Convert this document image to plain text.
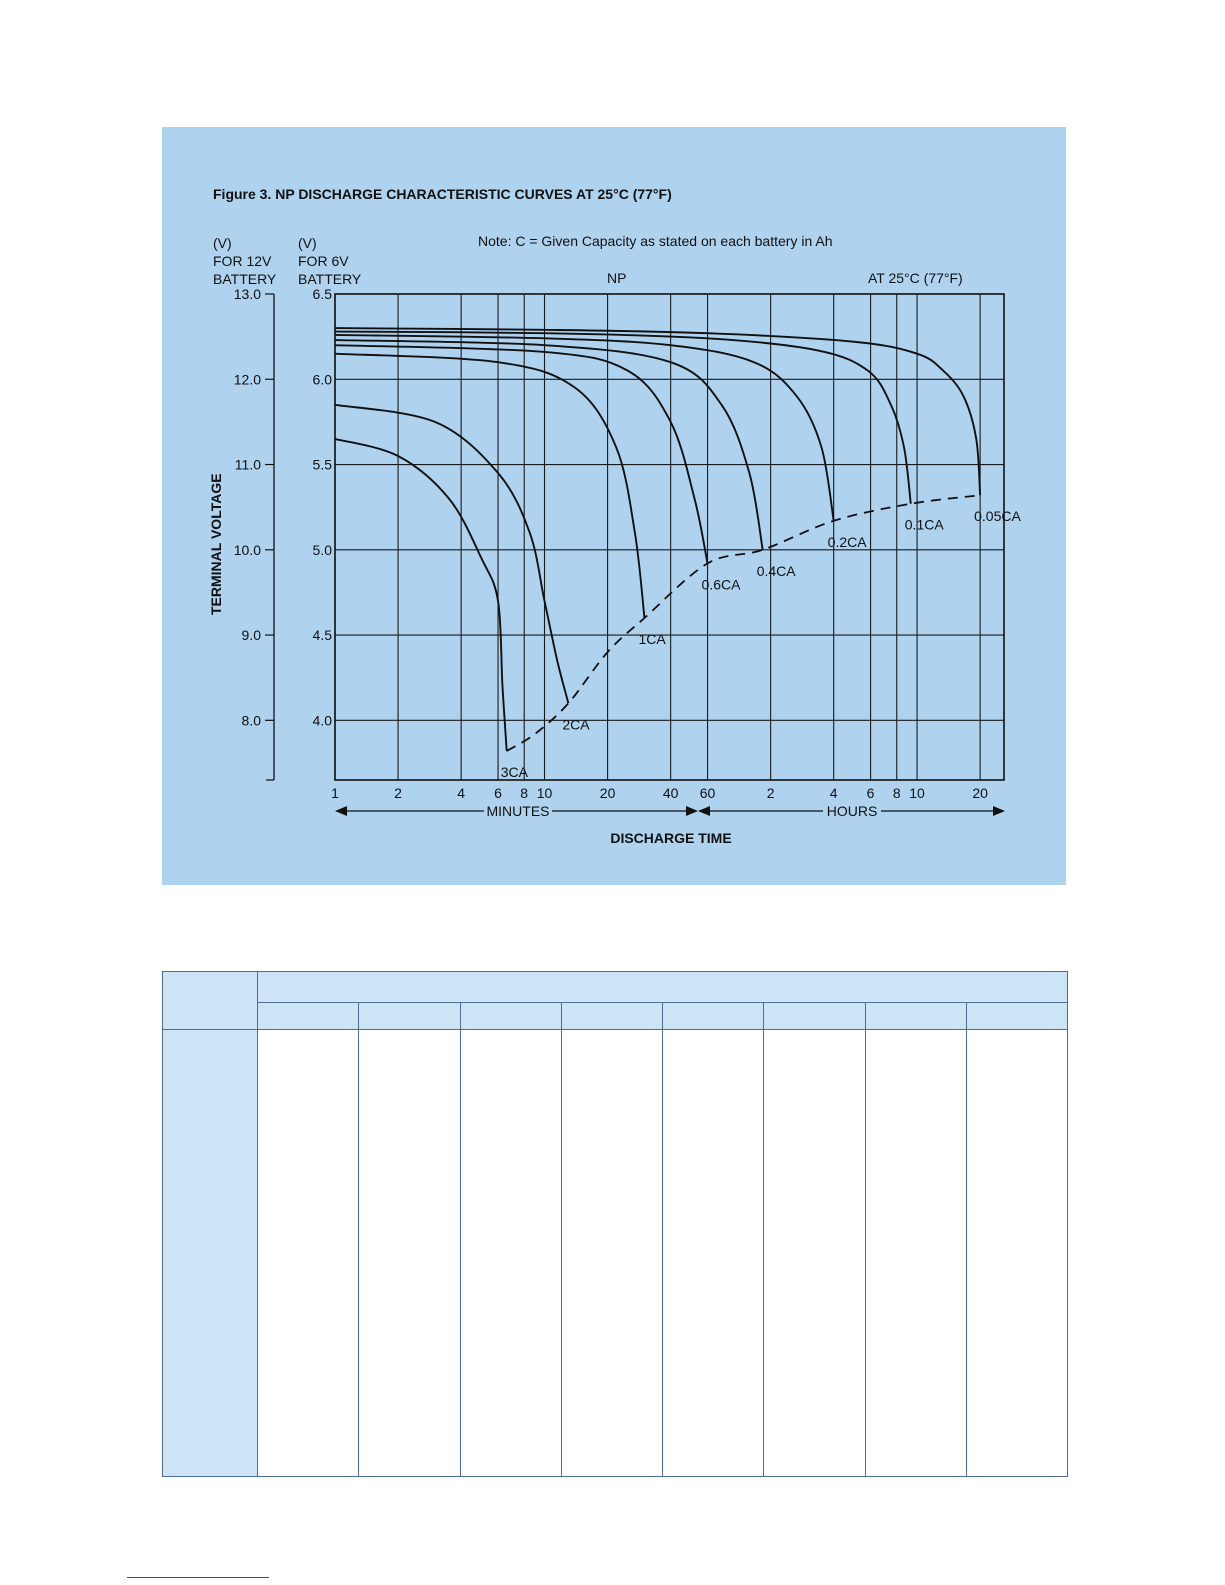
Figure 3. NP DISCHARGE CHARACTERISTIC CURVES AT 25°C (77°F)
Note: C = Given Capacity as stated on each battery in Ah
NP	AT 25°C (77°F)
(V)
FOR 12V
BATTERY
(V)
FOR 6V
BATTERY
TERMINAL VOLTAGE
DISCHARGE TIME
1	2	4 6 8 10	20	40 60	2	4 6 8 10	20
6.5
13.0
6.0
12.0
5.5
11.0
5.0
10.0
4.5
9.0
4.0
8.0
0.05CA
0.1CA
0.2CA
0.4CA
0.6CA
1CA
2CA
3CA
MINUTES	HOURS
